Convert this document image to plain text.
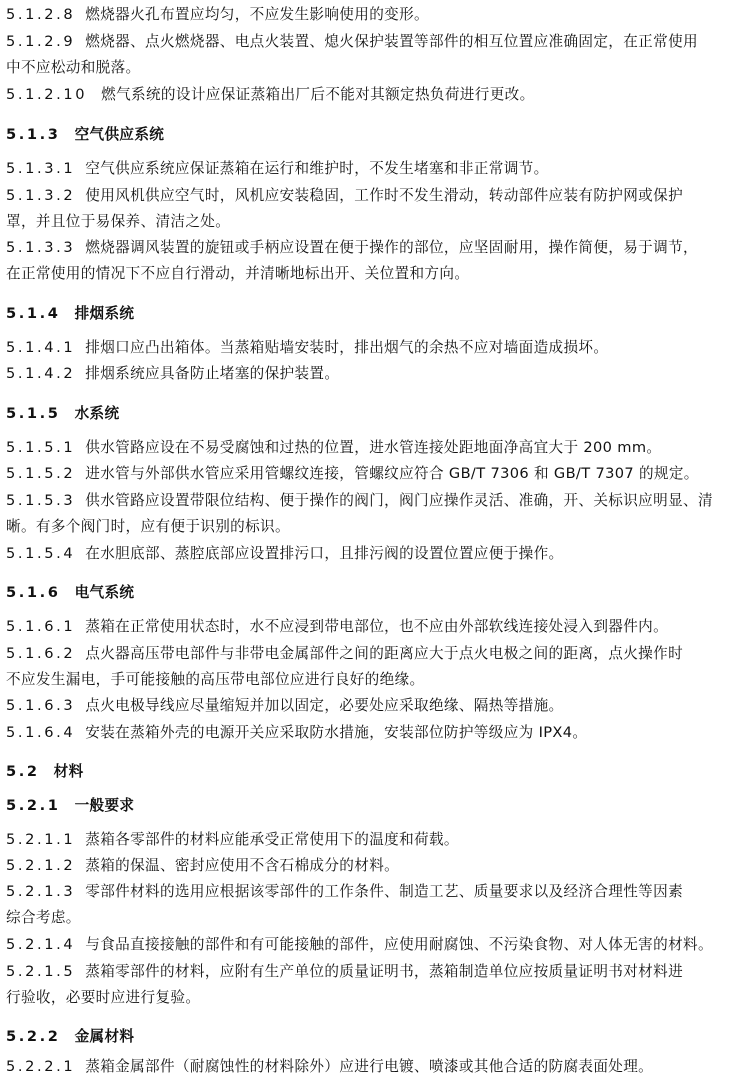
5.1.2.8 燃烧器火孔布置应均匀，不应发生影响使用的变形。
5.1.2.9 燃烧器、点火燃烧器、电点火装置、熄火保护装置等部件的相互位置应准确固定，在正常使用
中不应松动和脱落。
5.1.2.10 燃气系统的设计应保证蒸箱出厂后不能对其额定热负荷进行更改。
5.1.3 空气供应系统
5.1.3.1 空气供应系统应保证蒸箱在运行和维护时，不发生堵塞和非正常调节。
5.1.3.2 使用风机供应空气时，风机应安装稳固，工作时不发生滑动，转动部件应装有防护网或保护
罩，并且位于易保养、清洁之处。
5.1.3.3 燃烧器调风装置的旋钮或手柄应设置在便于操作的部位，应坚固耐用，操作简便，易于调节，
在正常使用的情况下不应自行滑动，并清晰地标出开、关位置和方向。
5.1.4 排烟系统
5.1.4.1 排烟口应凸出箱体。当蒸箱贴墙安装时，排出烟气的余热不应对墙面造成损坏。
5.1.4.2 排烟系统应具备防止堵塞的保护装置。
5.1.5 水系统
5.1.5.1 供水管路应设在不易受腐蚀和过热的位置，进水管连接处距地面净高宜大于 200 mm。
5.1.5.2 进水管与外部供水管应采用管螺纹连接，管螺纹应符合 GB/T 7306 和 GB/T 7307 的规定。
5.1.5.3 供水管路应设置带限位结构、便于操作的阀门，阀门应操作灵活、准确，开、关标识应明显、清
晰。有多个阀门时，应有便于识别的标识。
5.1.5.4 在水胆底部、蒸腔底部应设置排污口，且排污阀的设置位置应便于操作。
5.1.6 电气系统
5.1.6.1 蒸箱在正常使用状态时，水不应浸到带电部位，也不应由外部软线连接处浸入到器件内。
5.1.6.2 点火器高压带电部件与非带电金属部件之间的距离应大于点火电极之间的距离，点火操作时
不应发生漏电，手可能接触的高压带电部位应进行良好的绝缘。
5.1.6.3 点火电极导线应尽量缩短并加以固定，必要处应采取绝缘、隔热等措施。
5.1.6.4 安装在蒸箱外壳的电源开关应采取防水措施，安装部位防护等级应为 IPX4。
5.2 材料
5.2.1 一般要求
5.2.1.1 蒸箱各零部件的材料应能承受正常使用下的温度和荷载。
5.2.1.2 蒸箱的保温、密封应使用不含石棉成分的材料。
5.2.1.3 零部件材料的选用应根据该零部件的工作条件、制造工艺、质量要求以及经济合理性等因素
综合考虑。
5.2.1.4 与食品直接接触的部件和有可能接触的部件，应使用耐腐蚀、不污染食物、对人体无害的材料。
5.2.1.5 蒸箱零部件的材料，应附有生产单位的质量证明书，蒸箱制造单位应按质量证明书对材料进
行验收，必要时应进行复验。
5.2.2 金属材料
5.2.2.1 蒸箱金属部件（耐腐蚀性的材料除外）应进行电镀、喷漆或其他合适的防腐表面处理。
